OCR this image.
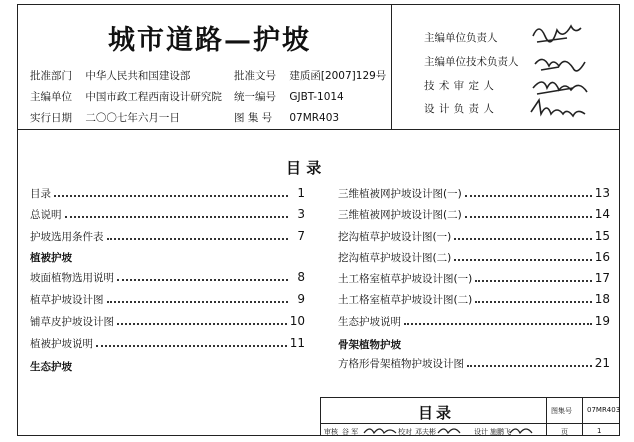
城市道路—护坡
批准部门 中华人民共和国建设部
主编单位 中国市政工程西南设计研究院
实行日期 二〇〇七年六月一日
批准文号 建质函[2007]129号
统一编号 GJBT-1014
图 集 号 07MR403
主编单位负责人
主编单位技术负责人
技 术 审 定 人
设 计 负 责 人
目 录
目录	1
总说明	3
护坡选用条件表	7
植被护坡
坡面植物选用说明	8
植草护坡设计图	9
铺草皮护坡设计图	10
植被护坡说明	11
生态护坡
三维植被网护坡设计图(一)	13
三维植被网护坡设计图(二)	14
挖沟植草护坡设计图(一)	15
挖沟植草护坡设计图(二)	16
土工格室植草护坡设计图(一)	17
土工格室植草护坡设计图(二)	18
生态护坡说明	19
骨架植物护坡
方格形骨架植物护坡设计图	21
目录	图集号 07MR403
页	1
审核 谷 军	校对 邓夫彬	设计 施鹏飞
